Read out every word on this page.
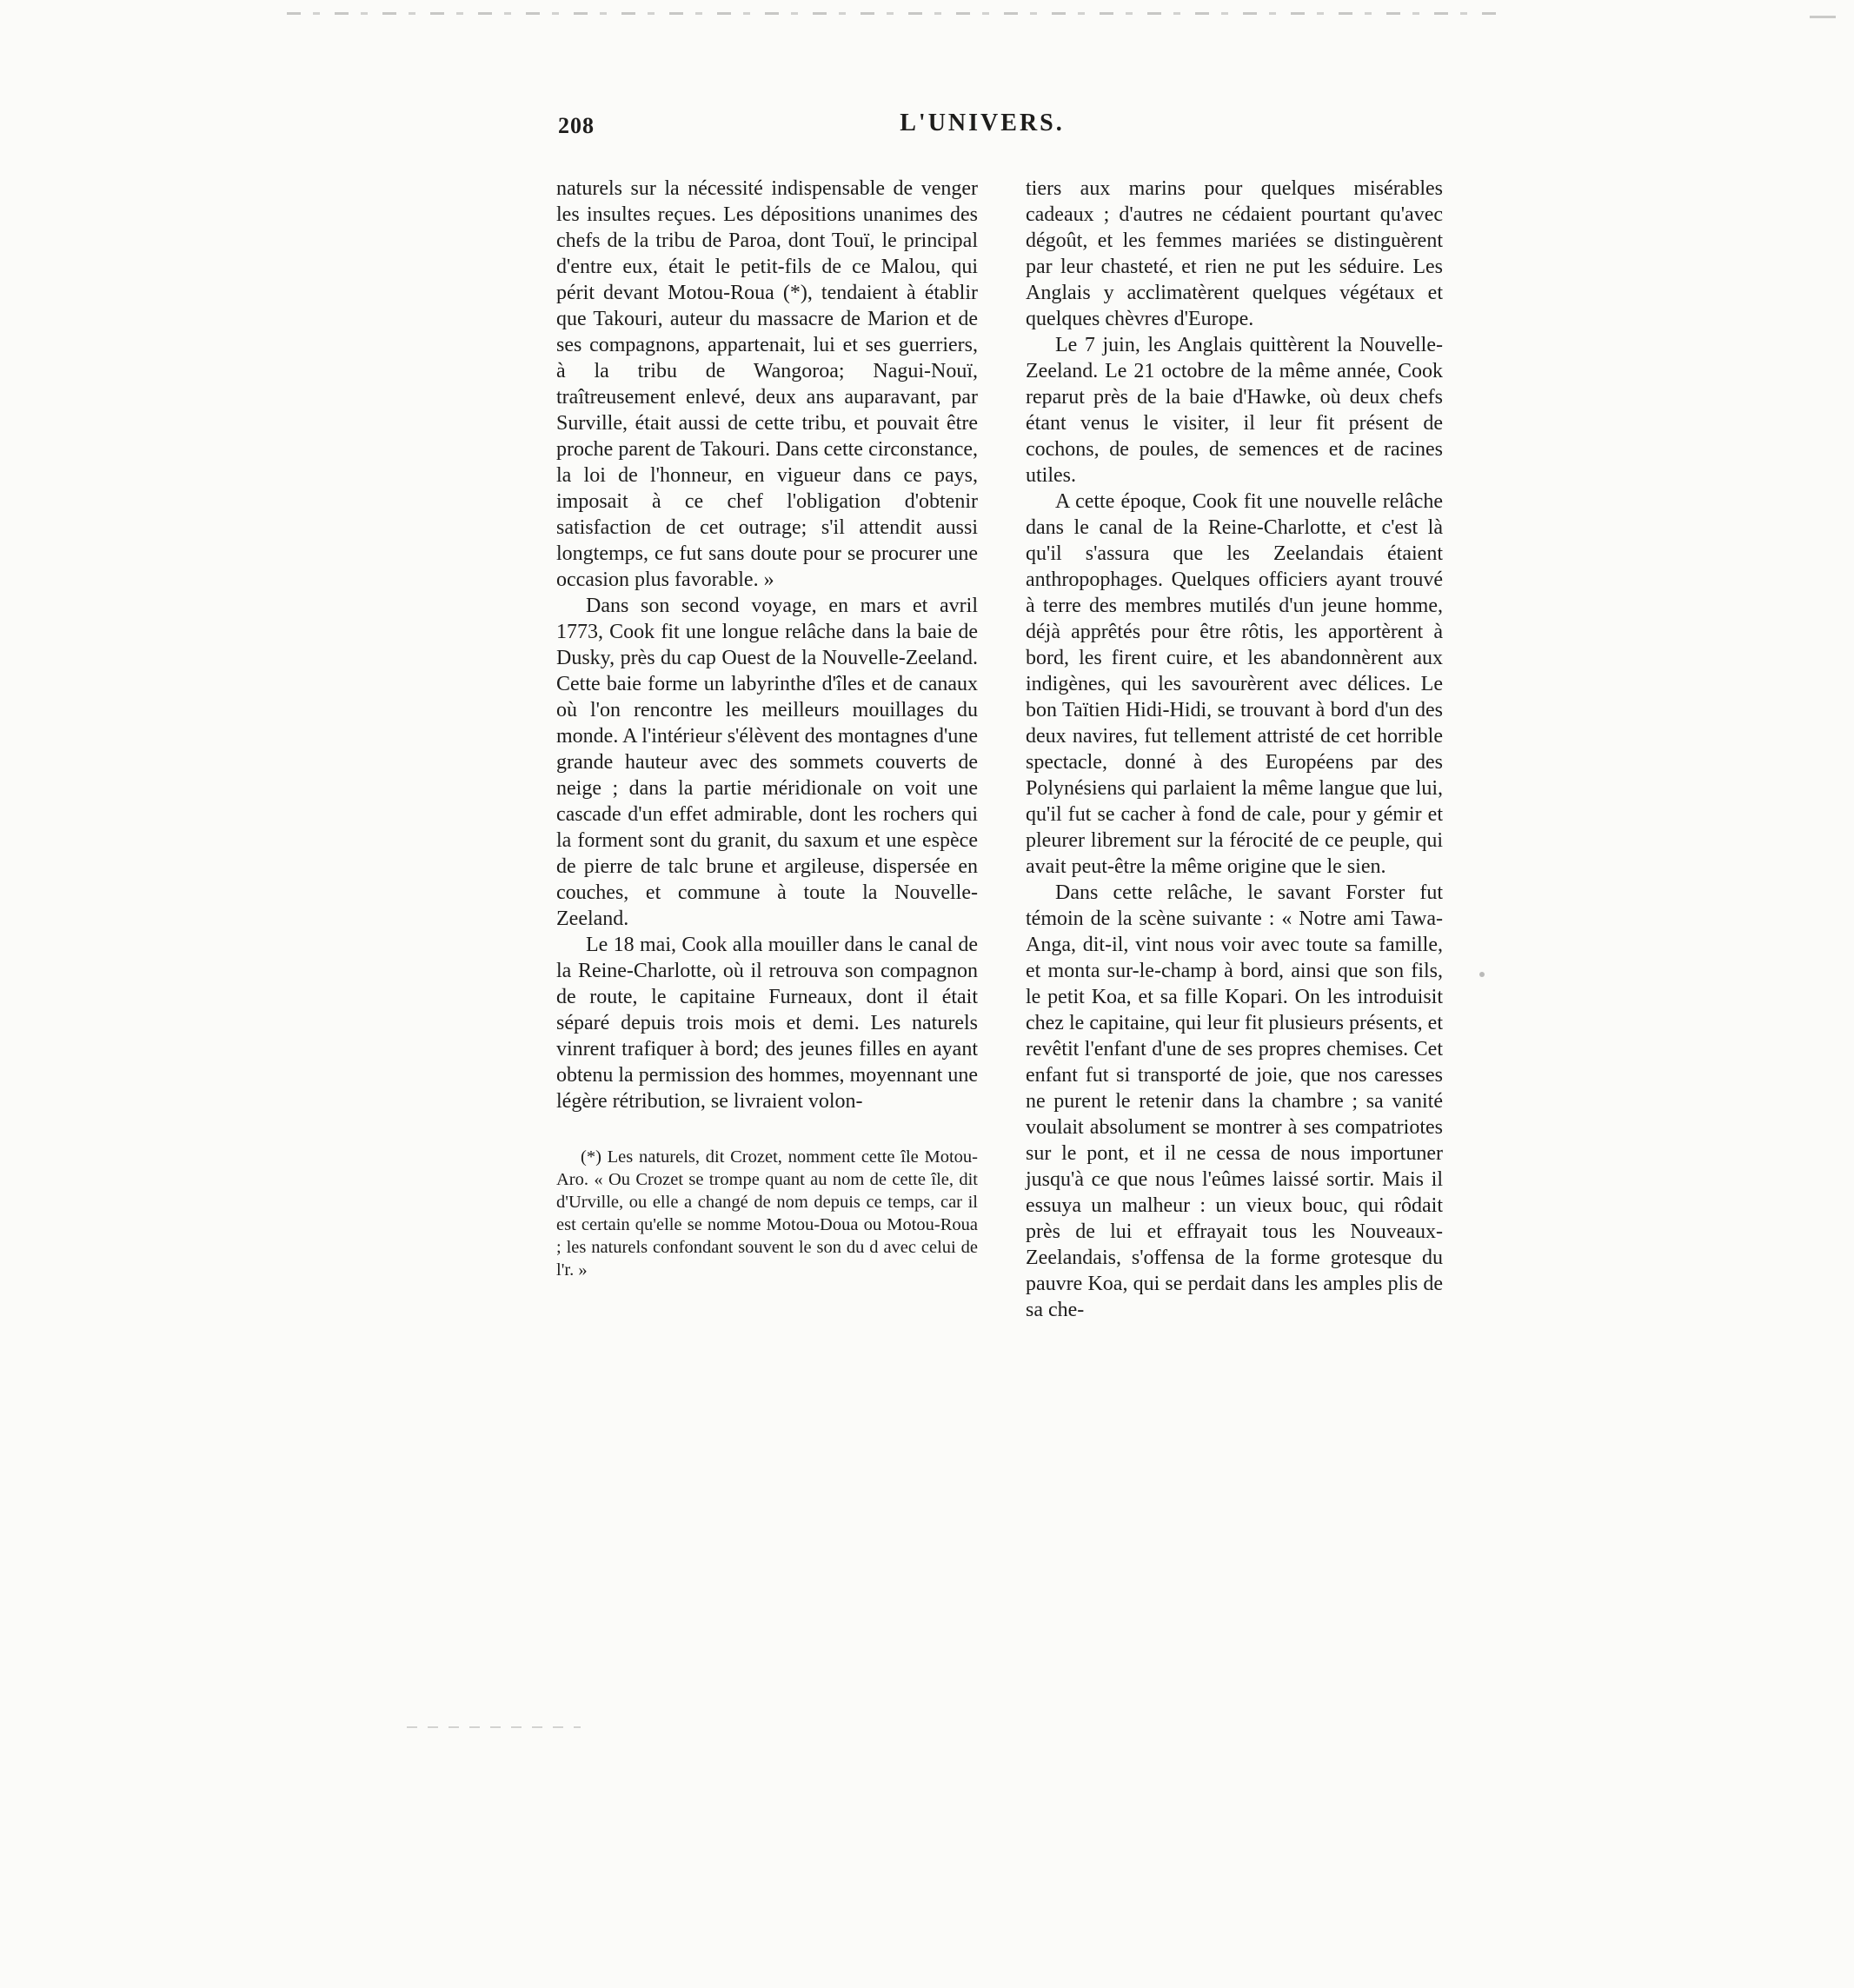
208	L'UNIVERS.

naturels sur la nécessité indispensable de venger les insultes reçues. Les dépositions unanimes des chefs de la tribu de Paroa, dont Touï, le principal d'entre eux, était le petit-fils de ce Malou, qui périt devant Motou-Roua (*), tendaient à établir que Takouri, auteur du massacre de Marion et de ses compagnons, appartenait, lui et ses guerriers, à la tribu de Wangoroa; Nagui-Nouï, traîtreusement enlevé, deux ans auparavant, par Surville, était aussi de cette tribu, et pouvait être proche parent de Takouri. Dans cette circonstance, la loi de l'honneur, en vigueur dans ce pays, imposait à ce chef l'obligation d'obtenir satisfaction de cet outrage; s'il attendit aussi longtemps, ce fut sans doute pour se procurer une occasion plus favorable. »

Dans son second voyage, en mars et avril 1773, Cook fit une longue relâche dans la baie de Dusky, près du cap Ouest de la Nouvelle-Zeeland. Cette baie forme un labyrinthe d'îles et de canaux où l'on rencontre les meilleurs mouillages du monde. A l'intérieur s'élèvent des montagnes d'une grande hauteur avec des sommets couverts de neige ; dans la partie méridionale on voit une cascade d'un effet admirable, dont les rochers qui la forment sont du granit, du saxum et une espèce de pierre de talc brune et argileuse, dispersée en couches, et commune à toute la Nouvelle-Zeeland.

Le 18 mai, Cook alla mouiller dans le canal de la Reine-Charlotte, où il retrouva son compagnon de route, le capitaine Furneaux, dont il était séparé depuis trois mois et demi. Les naturels vinrent trafiquer à bord; des jeunes filles en ayant obtenu la permission des hommes, moyennant une légère rétribution, se livraient volon-

(*) Les naturels, dit Crozet, nomment cette île Motou-Aro. « Ou Crozet se trompe quant au nom de cette île, dit d'Urville, ou elle a changé de nom depuis ce temps, car il est certain qu'elle se nomme Motou-Doua ou Motou-Roua ; les naturels confondant souvent le son du d avec celui de l'r. »

tiers aux marins pour quelques misérables cadeaux ; d'autres ne cédaient pourtant qu'avec dégoût, et les femmes mariées se distinguèrent par leur chasteté, et rien ne put les séduire. Les Anglais y acclimatèrent quelques végétaux et quelques chèvres d'Europe.

Le 7 juin, les Anglais quittèrent la Nouvelle-Zeeland. Le 21 octobre de la même année, Cook reparut près de la baie d'Hawke, où deux chefs étant venus le visiter, il leur fit présent de cochons, de poules, de semences et de racines utiles.

A cette époque, Cook fit une nouvelle relâche dans le canal de la Reine-Charlotte, et c'est là qu'il s'assura que les Zeelandais étaient anthropophages. Quelques officiers ayant trouvé à terre des membres mutilés d'un jeune homme, déjà apprêtés pour être rôtis, les apportèrent à bord, les firent cuire, et les abandonnèrent aux indigènes, qui les savourèrent avec délices. Le bon Taïtien Hidi-Hidi, se trouvant à bord d'un des deux navires, fut tellement attristé de cet horrible spectacle, donné à des Européens par des Polynésiens qui parlaient la même langue que lui, qu'il fut se cacher à fond de cale, pour y gémir et pleurer librement sur la férocité de ce peuple, qui avait peut-être la même origine que le sien.

Dans cette relâche, le savant Forster fut témoin de la scène suivante : « Notre ami Tawa-Anga, dit-il, vint nous voir avec toute sa famille, et monta sur-le-champ à bord, ainsi que son fils, le petit Koa, et sa fille Kopari. On les introduisit chez le capitaine, qui leur fit plusieurs présents, et revêtit l'enfant d'une de ses propres chemises. Cet enfant fut si transporté de joie, que nos caresses ne purent le retenir dans la chambre ; sa vanité voulait absolument se montrer à ses compatriotes sur le pont, et il ne cessa de nous importuner jusqu'à ce que nous l'eûmes laissé sortir. Mais il essuya un malheur : un vieux bouc, qui rôdait près de lui et effrayait tous les Nouveaux-Zeelandais, s'offensa de la forme grotesque du pauvre Koa, qui se perdait dans les amples plis de sa che-
